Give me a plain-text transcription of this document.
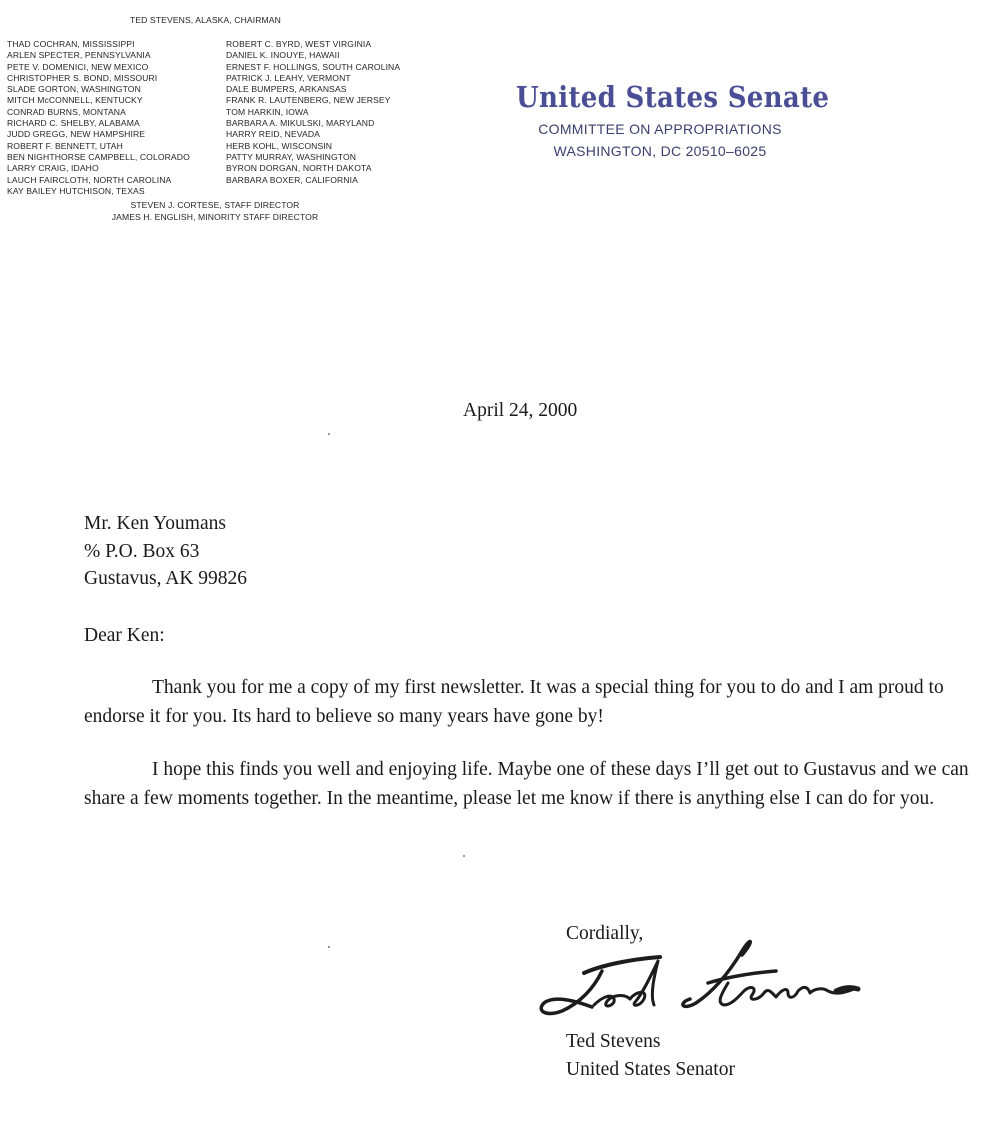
TED STEVENS, ALASKA, CHAIRMAN
THAD COCHRAN, MISSISSIPPI
ARLEN SPECTER, PENNSYLVANIA
PETE V. DOMENICI, NEW MEXICO
CHRISTOPHER S. BOND, MISSOURI
SLADE GORTON, WASHINGTON
MITCH McCONNELL, KENTUCKY
CONRAD BURNS, MONTANA
RICHARD C. SHELBY, ALABAMA
JUDD GREGG, NEW HAMPSHIRE
ROBERT F. BENNETT, UTAH
BEN NIGHTHORSE CAMPBELL, COLORADO
LARRY CRAIG, IDAHO
LAUCH FAIRCLOTH, NORTH CAROLINA
KAY BAILEY HUTCHISON, TEXAS
ROBERT C. BYRD, WEST VIRGINIA
DANIEL K. INOUYE, HAWAII
ERNEST F. HOLLINGS, SOUTH CAROLINA
PATRICK J. LEAHY, VERMONT
DALE BUMPERS, ARKANSAS
FRANK R. LAUTENBERG, NEW JERSEY
TOM HARKIN, IOWA
BARBARA A. MIKULSKI, MARYLAND
HARRY REID, NEVADA
HERB KOHL, WISCONSIN
PATTY MURRAY, WASHINGTON
BYRON DORGAN, NORTH DAKOTA
BARBARA BOXER, CALIFORNIA
STEVEN J. CORTESE, STAFF DIRECTOR
JAMES H. ENGLISH, MINORITY STAFF DIRECTOR
United States Senate
COMMITTEE ON APPROPRIATIONS
WASHINGTON, DC 20510–6025
April 24, 2000
Mr. Ken Youmans
% P.O. Box 63
Gustavus, AK 99826
Dear Ken:

Thank you for me a copy of my first newsletter. It was a special thing for you to do and I am proud to endorse it for you. Its hard to believe so many years have gone by!

I hope this finds you well and enjoying life. Maybe one of these days I’ll get out to Gustavus and we can share a few moments together. In the meantime, please let me know if there is anything else I can do for you.

Cordially,
Ted Stevens
United States Senator
